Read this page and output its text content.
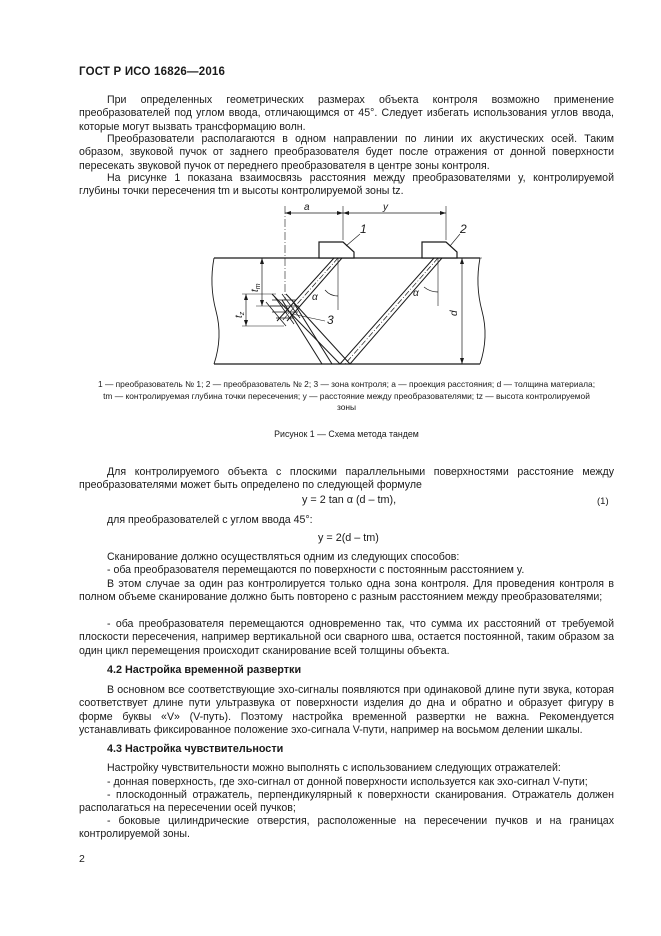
ГОСТ Р ИСО 16826—2016

При определенных геометрических размерах объекта контроля возможно применение преобразователей под углом ввода, отличающимся от 45°. Следует избегать использования углов ввода, которые могут вызвать трансформацию волн.

Преобразователи располагаются в одном направлении по линии их акустических осей. Таким образом, звуковой пучок от заднего преобразователя будет после отражения от донной поверхности пересекать звуковой пучок от переднего преобразователя в центре зоны контроля.

На рисунке 1 показана взаимосвязь расстояния между преобразователями y, контролируемой глубины точки пересечения tm и высоты контролируемой зоны tz.

a	y
1	2
3
α	α
d
$t_m$
$t_z$

1 — преобразователь № 1; 2 — преобразователь № 2; 3 — зона контроля; a — проекция расстояния; d — толщина материала;
tm — контролируемая глубина точки пересечения; y — расстояние между преобразователями; tz — высота контролируемой
зоны

Рисунок 1 — Схема метода тандем

Для контролируемого объекта с плоскими параллельными поверхностями расстояние между преобразователями может быть определено по следующей формуле

y = 2 tan α (d – tm),	(1)

для преобразователей с углом ввода 45°:

y = 2(d – tm)

Сканирование должно осуществляться одним из следующих способов:

- оба преобразователя перемещаются по поверхности с постоянным расстоянием y.

В этом случае за один раз контролируется только одна зона контроля. Для проведения контроля в полном объеме сканирование должно быть повторено с разным расстоянием между преобразователями;

- оба преобразователя перемещаются одновременно так, что сумма их расстояний от требуемой плоскости пересечения, например вертикальной оси сварного шва, остается постоянной, таким образом за один цикл перемещения происходит сканирование всей толщины объекта.

4.2 Настройка временной развертки

В основном все соответствующие эхо-сигналы появляются при одинаковой длине пути звука, которая соответствует длине пути ультразвука от поверхности изделия до дна и обратно и образует фигуру в форме буквы «V» (V-путь). Поэтому настройка временной развертки не важна. Рекомендуется устанавливать фиксированное положение эхо-сигнала V-пути, например на восьмом делении шкалы.

4.3 Настройка чувствительности

Настройку чувствительности можно выполнять с использованием следующих отражателей:

- донная поверхность, где эхо-сигнал от донной поверхности используется как эхо-сигнал V-пути;

- плоскодонный отражатель, перпендикулярный к поверхности сканирования. Отражатель должен располагаться на пересечении осей пучков;

- боковые цилиндрические отверстия, расположенные на пересечении пучков и на границах контролируемой зоны.

2
